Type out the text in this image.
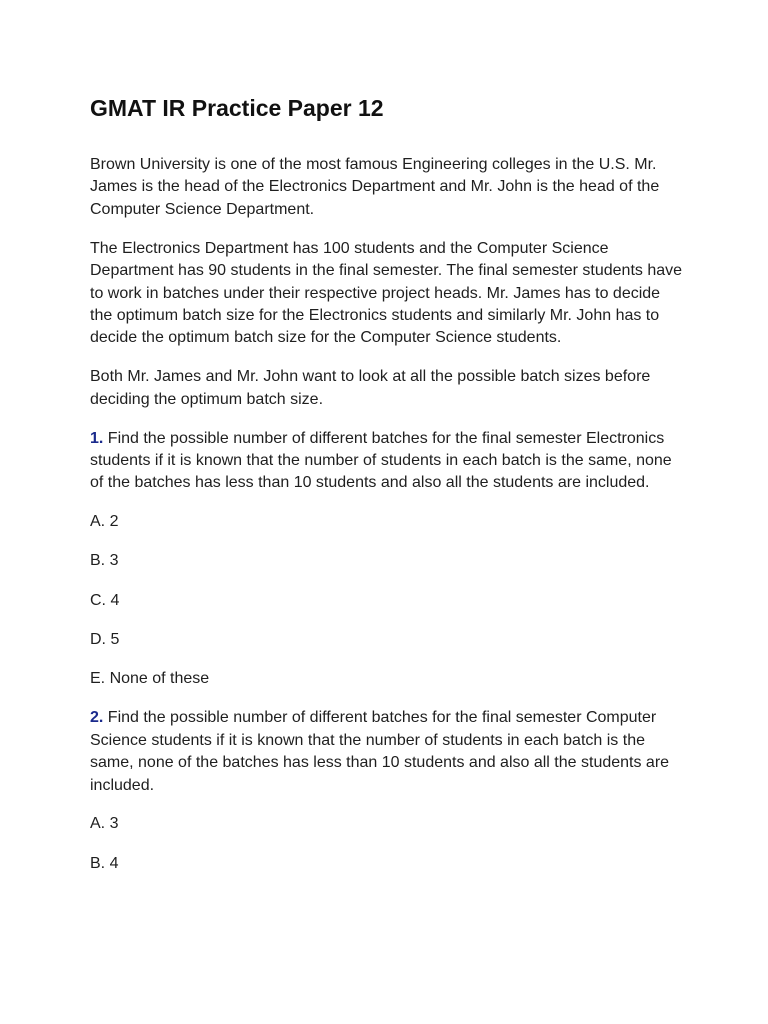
GMAT IR Practice Paper 12

Brown University is one of the most famous Engineering colleges in the U.S. Mr. James is the head of the Electronics Department and Mr. John is the head of the Computer Science Department.

The Electronics Department has 100 students and the Computer Science Department has 90 students in the final semester. The final semester students have to work in batches under their respective project heads. Mr. James has to decide the optimum batch size for the Electronics students and similarly Mr. John has to decide the optimum batch size for the Computer Science students.

Both Mr. James and Mr. John want to look at all the possible batch sizes before deciding the optimum batch size.

1. Find the possible number of different batches for the final semester Electronics students if it is known that the number of students in each batch is the same, none of the batches has less than 10 students and also all the students are included.

A. 2
B. 3
C. 4
D. 5
E. None of these

2. Find the possible number of different batches for the final semester Computer Science students if it is known that the number of students in each batch is the same, none of the batches has less than 10 students and also all the students are included.

A. 3
B. 4
